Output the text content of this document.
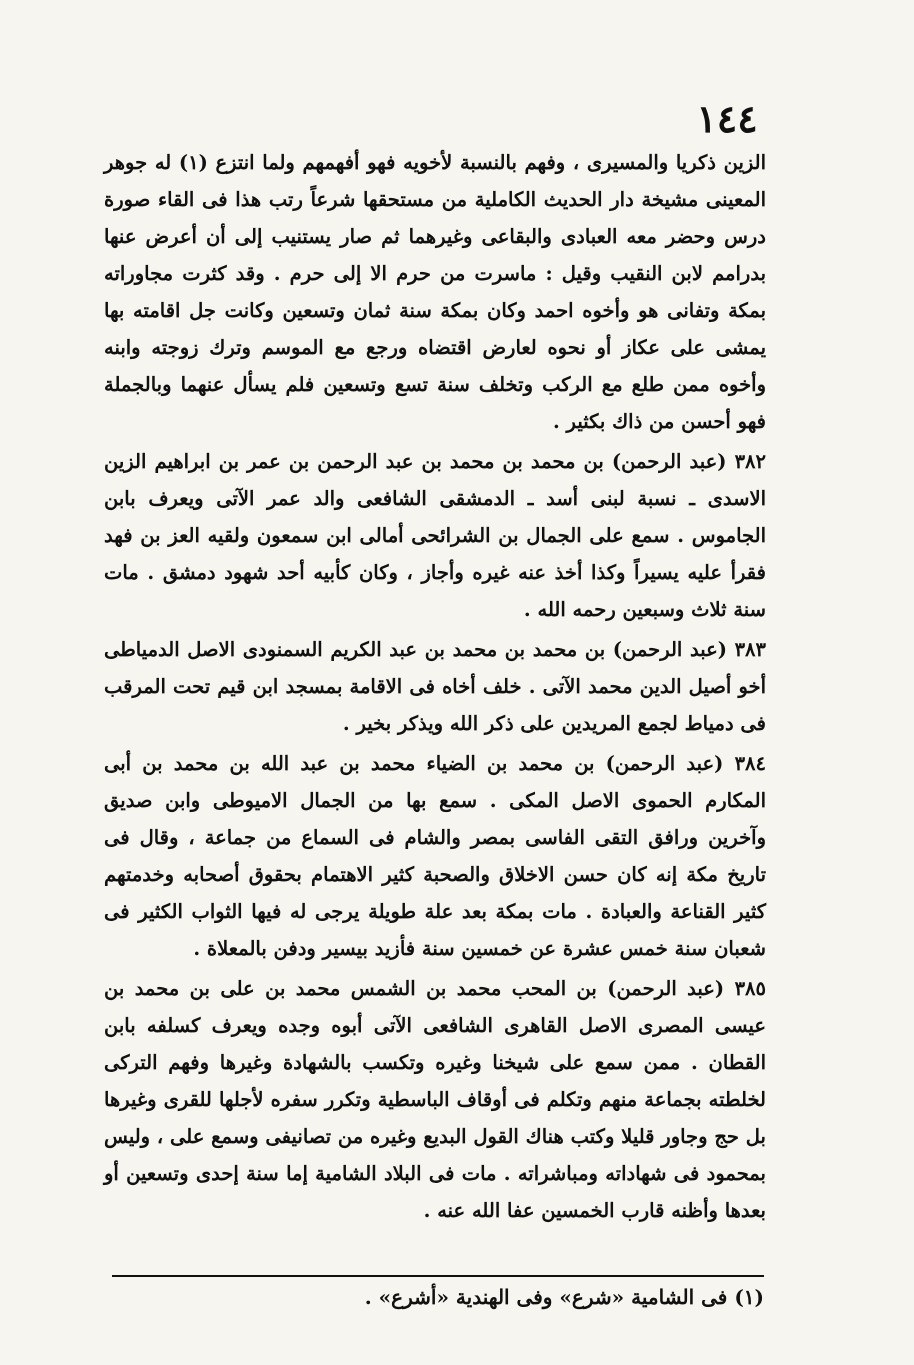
١٤٤

الزين ذكريا والمسيرى ، وفهم بالنسبة لأخويه فهو أفهمهم ولما انتزع (١) له جوهر المعينى مشيخة دار الحديث الكاملية من مستحقها شرعاً رتب هذا فى القاء صورة درس وحضر معه العبادى والبقاعى وغيرهما ثم صار يستنيب إلى أن أعرض عنها بدرامم لابن النقيب وقيل : ماسرت من حرم الا إلى حرم . وقد كثرت مجاوراته بمكة وتفانى هو وأخوه احمد وكان بمكة سنة ثمان وتسعين وكانت جل اقامته بها يمشى على عكاز أو نحوه لعارض اقتضاه ورجع مع الموسم وترك زوجته وابنه وأخوه ممن طلع مع الركب وتخلف سنة تسع وتسعين فلم يسأل عنهما وبالجملة فهو أحسن من ذاك بكثير .

٣٨٢ (عبد الرحمن) بن محمد بن محمد بن عبد الرحمن بن عمر بن ابراهيم الزين الاسدى ـ نسبة لبنى أسد ـ الدمشقى الشافعى والد عمر الآتى ويعرف بابن الجاموس . سمع على الجمال بن الشرائحى أمالى ابن سمعون ولقيه العز بن فهد فقرأ عليه يسيراً وكذا أخذ عنه غيره وأجاز ، وكان كأبيه أحد شهود دمشق . مات سنة ثلاث وسبعين رحمه الله .

٣٨٣ (عبد الرحمن) بن محمد بن محمد بن عبد الكريم السمنودى الاصل الدمياطى أخو أصيل الدين محمد الآتى . خلف أخاه فى الاقامة بمسجد ابن قيم تحت المرقب فى دمياط لجمع المريدين على ذكر الله ويذكر بخير .

٣٨٤ (عبد الرحمن) بن محمد بن الضياء محمد بن عبد الله بن محمد بن أبى المكارم الحموى الاصل المكى . سمع بها من الجمال الاميوطى وابن صديق وآخرين ورافق التقى الفاسى بمصر والشام فى السماع من جماعة ، وقال فى تاريخ مكة إنه كان حسن الاخلاق والصحبة كثير الاهتمام بحقوق أصحابه وخدمتهم كثير القناعة والعبادة . مات بمكة بعد علة طويلة يرجى له فيها الثواب الكثير فى شعبان سنة خمس عشرة عن خمسين سنة فأزيد بيسير ودفن بالمعلاة .

٣٨٥ (عبد الرحمن) بن المحب محمد بن الشمس محمد بن على بن محمد بن عيسى المصرى الاصل القاهرى الشافعى الآتى أبوه وجده ويعرف كسلفه بابن القطان . ممن سمع على شيخنا وغيره وتكسب بالشهادة وغيرها وفهم التركى لخلطته بجماعة منهم وتكلم فى أوقاف الباسطية وتكرر سفره لأجلها للقرى وغيرها بل حج وجاور قليلا وكتب هناك القول البديع وغيره من تصانيفى وسمع على ، وليس بمحمود فى شهاداته ومباشراته . مات فى البلاد الشامية إما سنة إحدى وتسعين أو بعدها وأظنه قارب الخمسين عفا الله عنه .

(١) فى الشامية «شرع» وفى الهندية «أشرع» .
